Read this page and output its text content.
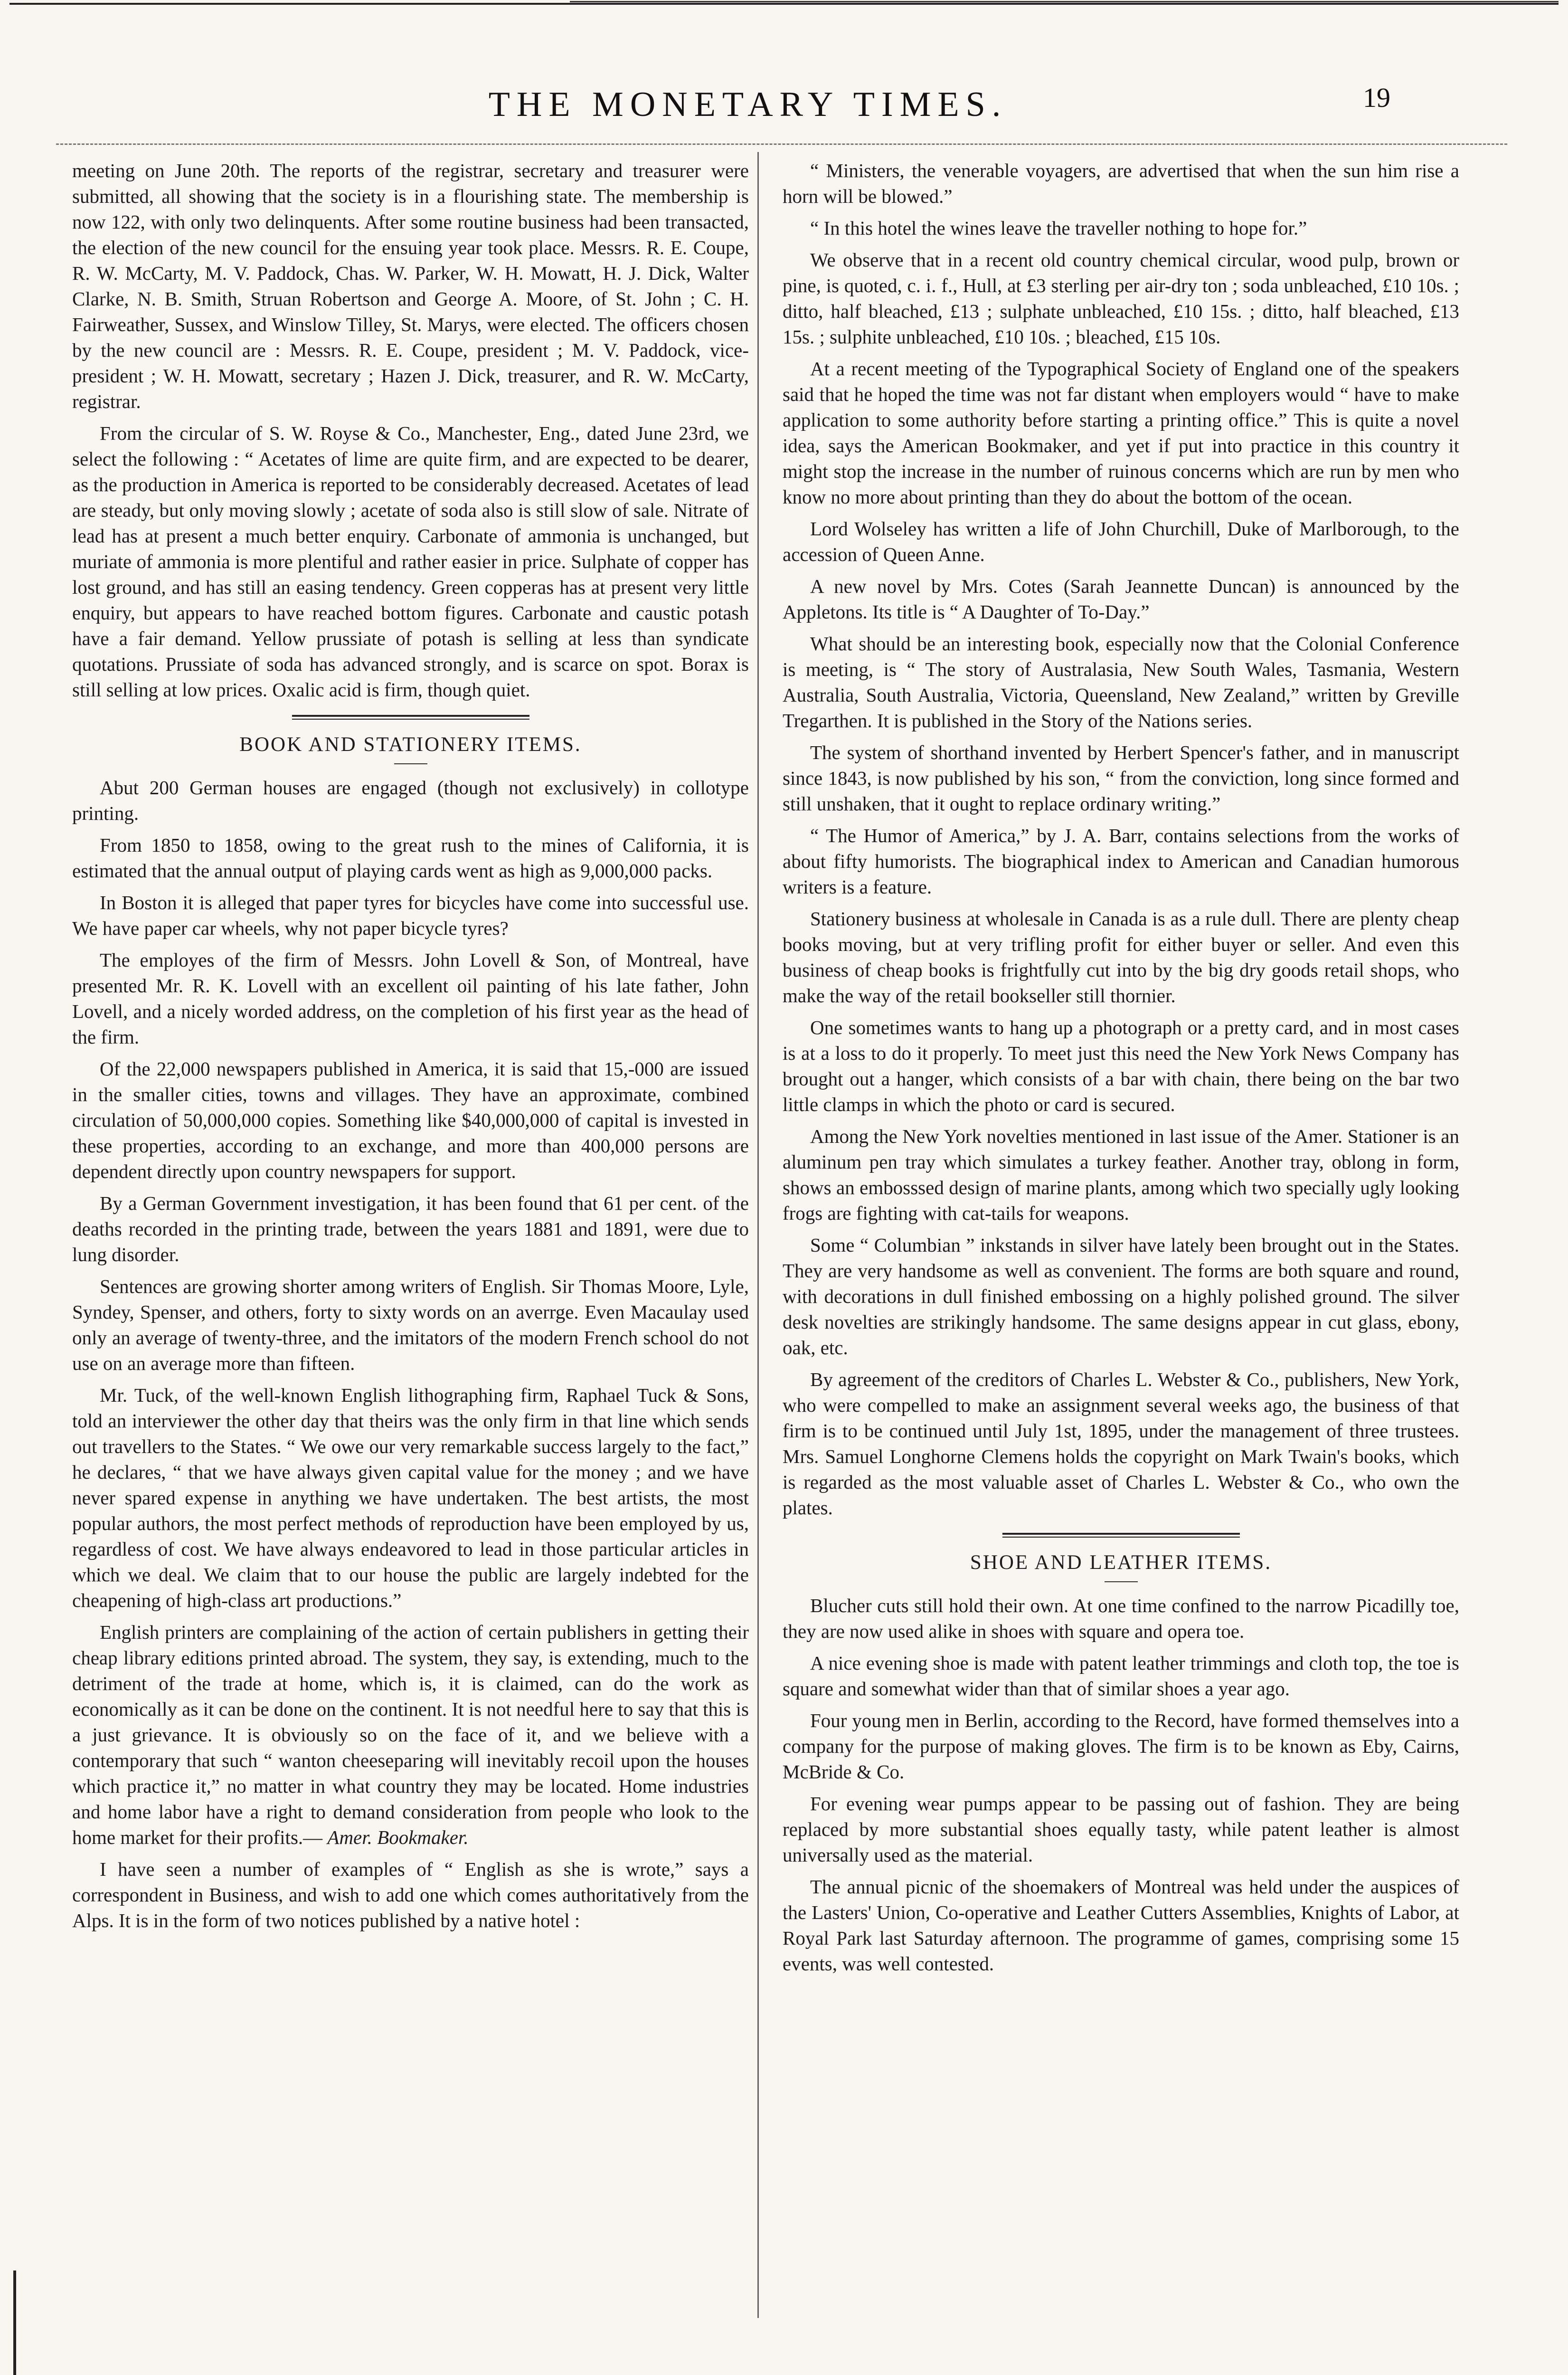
THE MONETARY TIMES.	19

meeting on June 20th. The reports of the registrar, secretary and treasurer were submitted, all showing that the society is in a flourishing state. The membership is now 122, with only two delinquents. After some routine business had been transacted, the election of the new council for the ensuing year took place. Messrs. R. E. Coupe, R. W. McCarty, M. V. Paddock, Chas. W. Parker, W. H. Mowatt, H. J. Dick, Walter Clarke, N. B. Smith, Struan Robertson and George A. Moore, of St. John ; C. H. Fairweather, Sussex, and Winslow Tilley, St. Marys, were elected. The officers chosen by the new council are : Messrs. R. E. Coupe, president ; M. V. Paddock, vice-president ; W. H. Mowatt, secretary ; Hazen J. Dick, treasurer, and R. W. McCarty, registrar.

From the circular of S. W. Royse & Co., Manchester, Eng., dated June 23rd, we select the following : “ Acetates of lime are quite firm, and are expected to be dearer, as the production in America is reported to be considerably decreased. Acetates of lead are steady, but only moving slowly ; acetate of soda also is still slow of sale. Nitrate of lead has at present a much better enquiry. Carbonate of ammonia is unchanged, but muriate of ammonia is more plentiful and rather easier in price. Sulphate of copper has lost ground, and has still an easing tendency. Green copperas has at present very little enquiry, but appears to have reached bottom figures. Carbonate and caustic potash have a fair demand. Yellow prussiate of potash is selling at less than syndicate quotations. Prussiate of soda has advanced strongly, and is scarce on spot. Borax is still selling at low prices. Oxalic acid is firm, though quiet.

BOOK AND STATIONERY ITEMS.

Abut 200 German houses are engaged (though not exclusively) in collotype printing.

From 1850 to 1858, owing to the great rush to the mines of California, it is estimated that the annual output of playing cards went as high as 9,000,000 packs.

In Boston it is alleged that paper tyres for bicycles have come into successful use. We have paper car wheels, why not paper bicycle tyres?

The employes of the firm of Messrs. John Lovell & Son, of Montreal, have presented Mr. R. K. Lovell with an excellent oil painting of his late father, John Lovell, and a nicely worded address, on the completion of his first year as the head of the firm.

Of the 22,000 newspapers published in America, it is said that 15,-000 are issued in the smaller cities, towns and villages. They have an approximate, combined circulation of 50,000,000 copies. Something like $40,000,000 of capital is invested in these properties, according to an exchange, and more than 400,000 persons are dependent directly upon country newspapers for support.

By a German Government investigation, it has been found that 61 per cent. of the deaths recorded in the printing trade, between the years 1881 and 1891, were due to lung disorder.

Sentences are growing shorter among writers of English. Sir Thomas Moore, Lyle, Syndey, Spenser, and others, forty to sixty words on an averrge. Even Macaulay used only an average of twenty-three, and the imitators of the modern French school do not use on an average more than fifteen.

Mr. Tuck, of the well-known English lithographing firm, Raphael Tuck & Sons, told an interviewer the other day that theirs was the only firm in that line which sends out travellers to the States. “ We owe our very remarkable success largely to the fact,” he declares, “ that we have always given capital value for the money ; and we have never spared expense in anything we have undertaken. The best artists, the most popular authors, the most perfect methods of reproduction have been employed by us, regardless of cost. We have always endeavored to lead in those particular articles in which we deal. We claim that to our house the public are largely indebted for the cheapening of high-class art productions.”

English printers are complaining of the action of certain publishers in getting their cheap library editions printed abroad. The system, they say, is extending, much to the detriment of the trade at home, which is, it is claimed, can do the work as economically as it can be done on the continent. It is not needful here to say that this is a just grievance. It is obviously so on the face of it, and we believe with a contemporary that such “ wanton cheeseparing will inevitably recoil upon the houses which practice it,” no matter in what country they may be located. Home industries and home labor have a right to demand consideration from people who look to the home market for their profits.— Amer. Bookmaker.

I have seen a number of examples of “ English as she is wrote,” says a correspondent in Business, and wish to add one which comes authoritatively from the Alps. It is in the form of two notices published by a native hotel :

“ Ministers, the venerable voyagers, are advertised that when the sun him rise a horn will be blowed.”

“ In this hotel the wines leave the traveller nothing to hope for.”

We observe that in a recent old country chemical circular, wood pulp, brown or pine, is quoted, c. i. f., Hull, at £3 sterling per air-dry ton ; soda unbleached, £10 10s. ; ditto, half bleached, £13 ; sulphate unbleached, £10 15s. ; ditto, half bleached, £13 15s. ; sulphite unbleached, £10 10s. ; bleached, £15 10s.

At a recent meeting of the Typographical Society of England one of the speakers said that he hoped the time was not far distant when employers would “ have to make application to some authority before starting a printing office.” This is quite a novel idea, says the American Bookmaker, and yet if put into practice in this country it might stop the increase in the number of ruinous concerns which are run by men who know no more about printing than they do about the bottom of the ocean.

Lord Wolseley has written a life of John Churchill, Duke of Marlborough, to the accession of Queen Anne.

A new novel by Mrs. Cotes (Sarah Jeannette Duncan) is announced by the Appletons. Its title is “ A Daughter of To-Day.”

What should be an interesting book, especially now that the Colonial Conference is meeting, is “ The story of Australasia, New South Wales, Tasmania, Western Australia, South Australia, Victoria, Queensland, New Zealand,” written by Greville Tregarthen. It is published in the Story of the Nations series.

The system of shorthand invented by Herbert Spencer's father, and in manuscript since 1843, is now published by his son, “ from the conviction, long since formed and still unshaken, that it ought to replace ordinary writing.”

“ The Humor of America,” by J. A. Barr, contains selections from the works of about fifty humorists. The biographical index to American and Canadian humorous writers is a feature.

Stationery business at wholesale in Canada is as a rule dull. There are plenty cheap books moving, but at very trifling profit for either buyer or seller. And even this business of cheap books is frightfully cut into by the big dry goods retail shops, who make the way of the retail bookseller still thornier.

One sometimes wants to hang up a photograph or a pretty card, and in most cases is at a loss to do it properly. To meet just this need the New York News Company has brought out a hanger, which consists of a bar with chain, there being on the bar two little clamps in which the photo or card is secured.

Among the New York novelties mentioned in last issue of the Amer. Stationer is an aluminum pen tray which simulates a turkey feather. Another tray, oblong in form, shows an embosssed design of marine plants, among which two specially ugly looking frogs are fighting with cat-tails for weapons.

Some “ Columbian ” inkstands in silver have lately been brought out in the States. They are very handsome as well as convenient. The forms are both square and round, with decorations in dull finished embossing on a highly polished ground. The silver desk novelties are strikingly handsome. The same designs appear in cut glass, ebony, oak, etc.

By agreement of the creditors of Charles L. Webster & Co., publishers, New York, who were compelled to make an assignment several weeks ago, the business of that firm is to be continued until July 1st, 1895, under the management of three trustees. Mrs. Samuel Longhorne Clemens holds the copyright on Mark Twain's books, which is regarded as the most valuable asset of Charles L. Webster & Co., who own the plates.

SHOE AND LEATHER ITEMS.

Blucher cuts still hold their own. At one time confined to the narrow Picadilly toe, they are now used alike in shoes with square and opera toe.

A nice evening shoe is made with patent leather trimmings and cloth top, the toe is square and somewhat wider than that of similar shoes a year ago.

Four young men in Berlin, according to the Record, have formed themselves into a company for the purpose of making gloves. The firm is to be known as Eby, Cairns, McBride & Co.

For evening wear pumps appear to be passing out of fashion. They are being replaced by more substantial shoes equally tasty, while patent leather is almost universally used as the material.

The annual picnic of the shoemakers of Montreal was held under the auspices of the Lasters' Union, Co-operative and Leather Cutters Assemblies, Knights of Labor, at Royal Park last Saturday afternoon. The programme of games, comprising some 15 events, was well contested.
